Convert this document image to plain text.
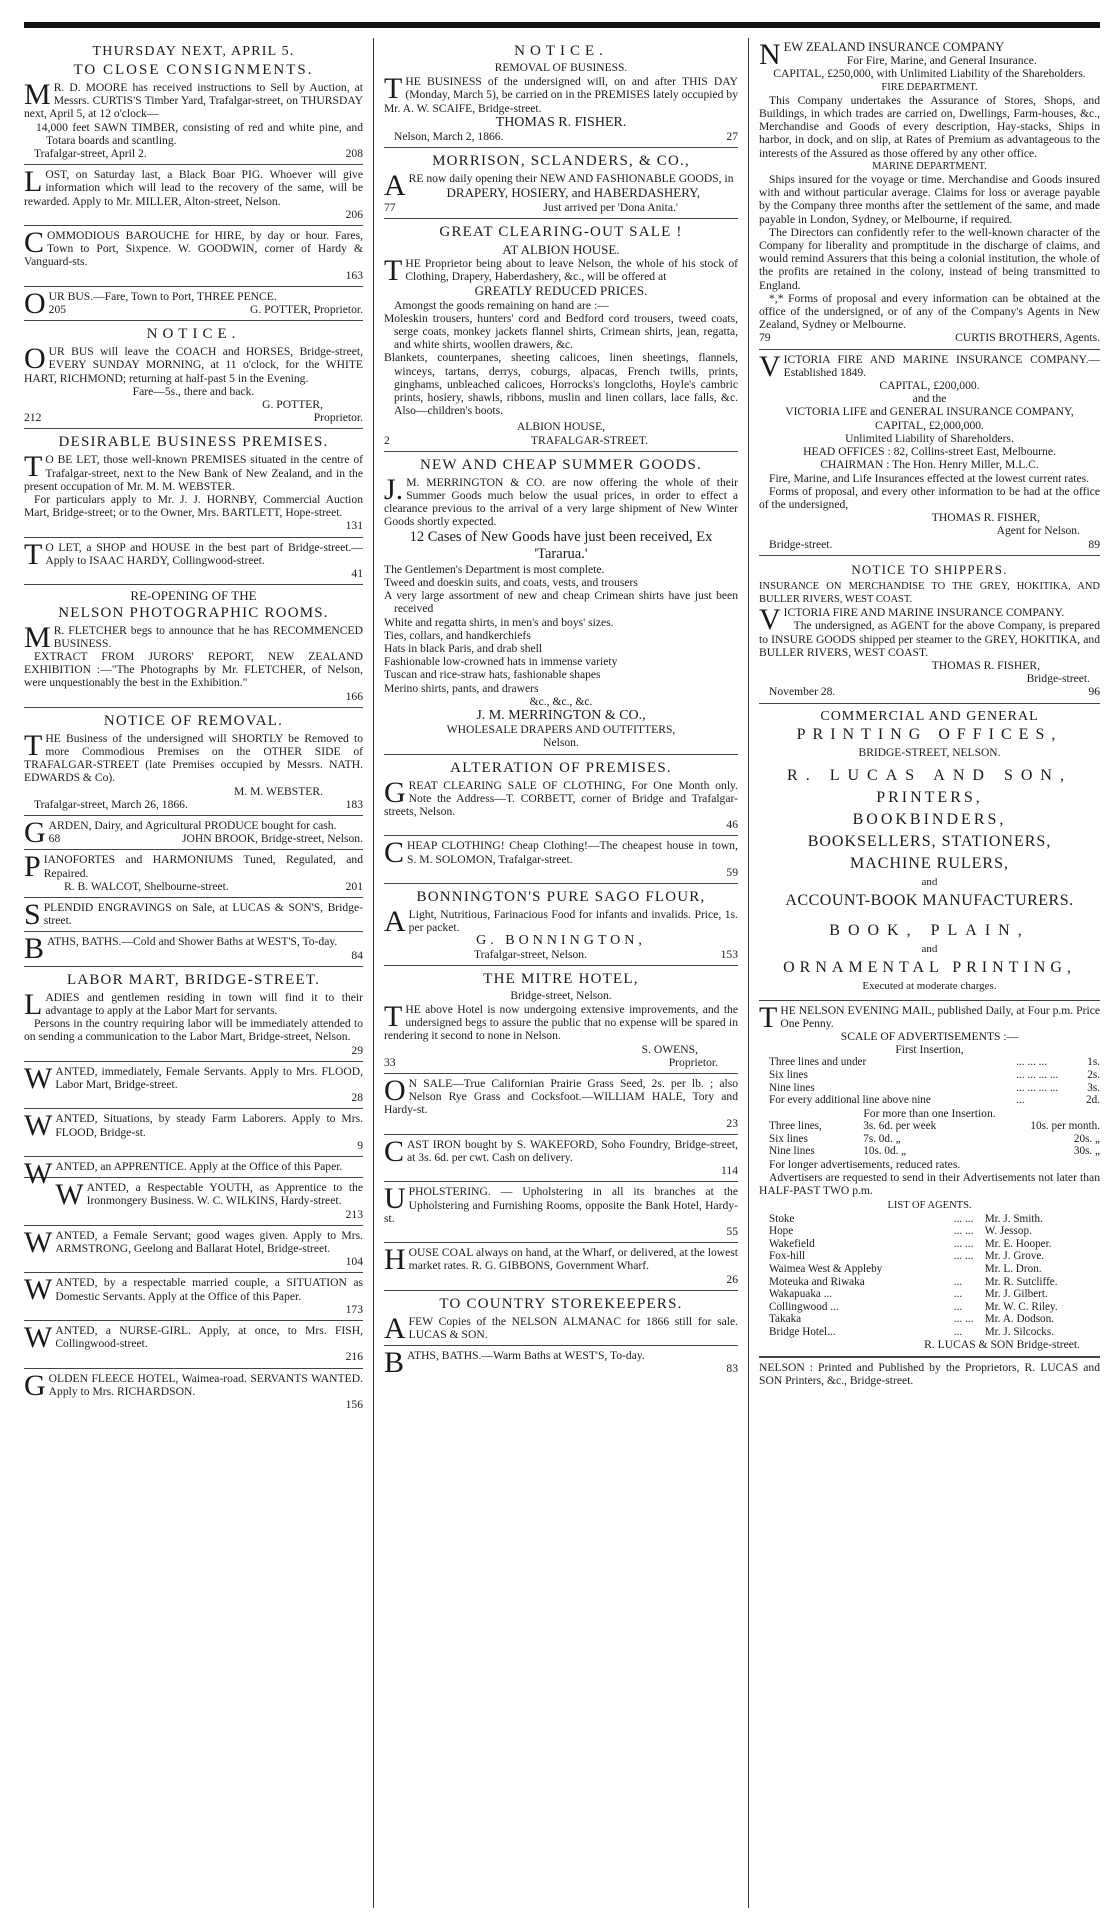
THURSDAY NEXT, APRIL 5.
TO CLOSE CONSIGNMENTS.

MR. D. MOORE has received instructions to Sell by Auction, at Messrs. CURTIS'S Timber Yard, Trafalgar-street, on THURSDAY next, April 5, at 12 o'clock—

14,000 feet SAWN TIMBER, consisting of red and white pine, and Totara boards and scantling.

Trafalgar-street, April 2.	208

LOST, on Saturday last, a Black Boar PIG. Whoever will give information which will lead to the recovery of the same, will be rewarded. Apply to Mr. MILLER, Alton-street, Nelson.

206

COMMODIOUS BAROUCHE for HIRE, by day or hour. Fares, Town to Port, Sixpence. W. GOODWIN, corner of Hardy & Vanguard-sts.

163

OUR BUS.—Fare, Town to Port, THREE PENCE.

205	G. POTTER, Proprietor.
NOTICE.

OUR BUS will leave the COACH and HORSES, Bridge-street, EVERY SUNDAY MORNING, at 11 o'clock, for the WHITE HART, RICHMOND; returning at half-past 5 in the Evening.

Fare—5s., there and back.
G. POTTER,
212	Proprietor.
DESIRABLE BUSINESS PREMISES.

TO BE LET, those well-known PREMISES situated in the centre of Trafalgar-street, next to the New Bank of New Zealand, and in the present occupation of Mr. M. M. WEBSTER.

For particulars apply to Mr. J. J. HORNBY, Commercial Auction Mart, Bridge-street; or to the Owner, Mrs. BARTLETT, Hope-street.

131

TO LET, a SHOP and HOUSE in the best part of Bridge-street.—Apply to ISAAC HARDY, Collingwood-street.

41
RE-OPENING OF THE
NELSON PHOTOGRAPHIC ROOMS.

MR. FLETCHER begs to announce that he has RECOMMENCED BUSINESS.

EXTRACT FROM JURORS' REPORT, NEW ZEALAND EXHIBITION :—"The Photographs by Mr. FLETCHER, of Nelson, were unquestionably the best in the Exhibition."

166
NOTICE OF REMOVAL.

THE Business of the undersigned will SHORTLY be Removed to more Commodious Premises on the OTHER SIDE of TRAFALGAR-STREET (late Premises occupied by Messrs. NATH. EDWARDS & Co).

M. M. WEBSTER.
Trafalgar-street, March 26, 1866.	183

GARDEN, Dairy, and Agricultural PRODUCE bought for cash.

68	JOHN BROOK, Bridge-street, Nelson.

PIANOFORTES and HARMONIUMS Tuned, Regulated, and Repaired.

R. B. WALCOT, Shelbourne-street.	201

SPLENDID ENGRAVINGS on Sale, at LUCAS & SON'S, Bridge-street.

BATHS, BATHS.—Cold and Shower Baths at WEST'S, To-day.

84
LABOR MART, BRIDGE-STREET.

LADIES and gentlemen residing in town will find it to their advantage to apply at the Labor Mart for servants.

Persons in the country requiring labor will be immediately attended to on sending a communication to the Labor Mart, Bridge-street, Nelson.

29

WANTED, immediately, Female Servants. Apply to Mrs. FLOOD, Labor Mart, Bridge-street.

28

WANTED, Situations, by steady Farm Laborers. Apply to Mrs. FLOOD, Bridge-st.

9

WANTED, an APPRENTICE. Apply at the Office of this Paper.

WANTED, a Respectable YOUTH, as Apprentice to the Ironmongery Business. W. C. WILKINS, Hardy-street.

213

WANTED, a Female Servant; good wages given. Apply to Mrs. ARMSTRONG, Geelong and Ballarat Hotel, Bridge-street.

104

WANTED, by a respectable married couple, a SITUATION as Domestic Servants. Apply at the Office of this Paper.

173

WANTED, a NURSE-GIRL. Apply, at once, to Mrs. FISH, Collingwood-street.

216

GOLDEN FLEECE HOTEL, Waimea-road. SERVANTS WANTED. Apply to Mrs. RICHARDSON.

156
NOTICE.
REMOVAL OF BUSINESS.

THE BUSINESS of the undersigned will, on and after THIS DAY (Monday, March 5), be carried on in the PREMISES lately occupied by Mr. A. W. SCAIFE, Bridge-street.

THOMAS R. FISHER.
Nelson, March 2, 1866.	27
MORRISON, SCLANDERS, & CO.,

ARE now daily opening their NEW AND FASHIONABLE GOODS, in

DRAPERY, HOSIERY, and HABERDASHERY,
77	Just arrived per 'Dona Anita.'
GREAT CLEARING-OUT SALE !
AT ALBION HOUSE.

THE Proprietor being about to leave Nelson, the whole of his stock of Clothing, Drapery, Haberdashery, &c., will be offered at

GREATLY REDUCED PRICES.

Amongst the goods remaining on hand are :—

Moleskin trousers, hunters' cord and Bedford cord trousers, tweed coats, serge coats, monkey jackets flannel shirts, Crimean shirts, jean, regatta, and white shirts, woollen drawers, &c.

Blankets, counterpanes, sheeting calicoes, linen sheetings, flannels, winceys, tartans, derrys, coburgs, alpacas, French twills, prints, ginghams, unbleached calicoes, Horrocks's longcloths, Hoyle's cambric prints, hosiery, shawls, ribbons, muslin and linen collars, lace falls, &c. Also—children's boots.

ALBION HOUSE,
2	TRAFALGAR-STREET.
NEW AND CHEAP SUMMER GOODS.

J.M. MERRINGTON & CO. are now offering the whole of their Summer Goods much below the usual prices, in order to effect a clearance previous to the arrival of a very large shipment of New Winter Goods shortly expected.

12 Cases of New Goods have just been received, Ex 'Tararua.'

The Gentlemen's Department is most complete.

Tweed and doeskin suits, and coats, vests, and trousers

A very large assortment of new and cheap Crimean shirts have just been received

White and regatta shirts, in men's and boys' sizes.

Ties, collars, and handkerchiefs

Hats in black Paris, and drab shell

Fashionable low-crowned hats in immense variety

Tuscan and rice-straw hats, fashionable shapes

Merino shirts, pants, and drawers

&c., &c., &c.
J. M. MERRINGTON & CO.,
WHOLESALE DRAPERS AND OUTFITTERS,
Nelson.
ALTERATION OF PREMISES.

GREAT CLEARING SALE OF CLOTHING, For One Month only. Note the Address—T. CORBETT, corner of Bridge and Trafalgar-streets, Nelson.

46

CHEAP CLOTHING! Cheap Clothing!—The cheapest house in town, S. M. SOLOMON, Trafalgar-street.

59
BONNINGTON'S PURE SAGO FLOUR,

ALight, Nutritious, Farinacious Food for infants and invalids. Price, 1s. per packet.

G. BONNINGTON,
Trafalgar-street, Nelson.	153
THE MITRE HOTEL,
Bridge-street, Nelson.

THE above Hotel is now undergoing extensive improvements, and the undersigned begs to assure the public that no expense will be spared in rendering it second to none in Nelson.

S. OWENS,
33	Proprietor.

ON SALE—True Californian Prairie Grass Seed, 2s. per lb. ; also Nelson Rye Grass and Cocksfoot.—WILLIAM HALE, Tory and Hardy-st.

23

CAST IRON bought by S. WAKEFORD, Soho Foundry, Bridge-street, at 3s. 6d. per cwt. Cash on delivery.

114

UPHOLSTERING. — Upholstering in all its branches at the Upholstering and Furnishing Rooms, opposite the Bank Hotel, Hardy-st.

55

HOUSE COAL always on hand, at the Wharf, or delivered, at the lowest market rates. R. G. GIBBONS, Government Wharf.

26
TO COUNTRY STOREKEEPERS.

AFEW Copies of the NELSON ALMANAC for 1866 still for sale. LUCAS & SON.

BATHS, BATHS.—Warm Baths at WEST'S, To-day.

83

NEW ZEALAND INSURANCE COMPANY

For Fire, Marine, and General Insurance.
CAPITAL, £250,000, with Unlimited Liability of the Shareholders.
FIRE DEPARTMENT.

This Company undertakes the Assurance of Stores, Shops, and Buildings, in which trades are carried on, Dwellings, Farm-houses, &c., Merchandise and Goods of every description, Hay-stacks, Ships in harbor, in dock, and on slip, at Rates of Premium as advantageous to the interests of the Assured as those offered by any other office.

MARINE DEPARTMENT.

Ships insured for the voyage or time. Merchandise and Goods insured with and without particular average. Claims for loss or average payable by the Company three months after the settlement of the same, and made payable in London, Sydney, or Melbourne, if required.

The Directors can confidently refer to the well-known character of the Company for liberality and promptitude in the discharge of claims, and would remind Assurers that this being a colonial institution, the whole of the profits are retained in the colony, instead of being transmitted to England.

*,* Forms of proposal and every information can be obtained at the office of the undersigned, or of any of the Company's Agents in New Zealand, Sydney or Melbourne.

79	CURTIS BROTHERS, Agents.

VICTORIA FIRE AND MARINE INSURANCE COMPANY.—Established 1849.

CAPITAL, £200,000.
and the
VICTORIA LIFE and GENERAL INSURANCE COMPANY,
CAPITAL, £2,000,000.
Unlimited Liability of Shareholders.
HEAD OFFICES : 82, Collins-street East, Melbourne.
CHAIRMAN : The Hon. Henry Miller, M.L.C.

Fire, Marine, and Life Insurances effected at the lowest current rates.

Forms of proposal, and every other information to be had at the office of the undersigned,

THOMAS R. FISHER,
Agent for Nelson.
Bridge-street.	89
NOTICE TO SHIPPERS.

INSURANCE ON MERCHANDISE TO THE GREY, HOKITIKA, AND BULLER RIVERS, WEST COAST.

VICTORIA FIRE AND MARINE INSURANCE COMPANY.

The undersigned, as AGENT for the above Company, is prepared to INSURE GOODS shipped per steamer to the GREY, HOKITIKA, and BULLER RIVERS, WEST COAST.

THOMAS R. FISHER,
Bridge-street.
November 28.	96
COMMERCIAL AND GENERAL
PRINTING OFFICES,
BRIDGE-STREET, NELSON.
R. LUCAS AND SON,
PRINTERS,
BOOKBINDERS,
BOOKSELLERS, STATIONERS,
MACHINE RULERS,
and
ACCOUNT-BOOK MANUFACTURERS.
BOOK, PLAIN,
and
ORNAMENTAL PRINTING,
Executed at moderate charges.

THE NELSON EVENING MAIL, published Daily, at Four p.m. Price One Penny.

SCALE OF ADVERTISEMENTS :—
First Insertion,
Three lines and under	... ... ...	1s.
Six lines	... ... ... ...	2s.
Nine lines	... ... ... ...	3s.
For every additional line above nine	...	2d.
For more than one Insertion.
Three lines,	3s. 6d. per week	10s. per month.
Six lines	7s. 0d. „	20s. „
Nine lines	10s. 0d. „	30s. „

For longer advertisements, reduced rates.

Advertisers are requested to send in their Advertisements not later than HALF-PAST TWO p.m.

LIST OF AGENTS.
Stoke	... ...	Mr. J. Smith.
Hope	... ...	W. Jessop.
Wakefield	... ...	Mr. E. Hooper.
Fox-hill	... ...	Mr. J. Grove.
Waimea West & Appleby		Mr. L. Dron.
Moteuka and Riwaka	...	Mr. R. Sutcliffe.
Wakapuaka ...	...	Mr. J. Gilbert.
Collingwood ...	...	Mr. W. C. Riley.
Takaka	... ...	Mr. A. Dodson.
Bridge Hotel...	...	Mr. J. Silcocks.
R. LUCAS & SON Bridge-street.

NELSON : Printed and Published by the Proprietors, R. LUCAS and SON Printers, &c., Bridge-street.
